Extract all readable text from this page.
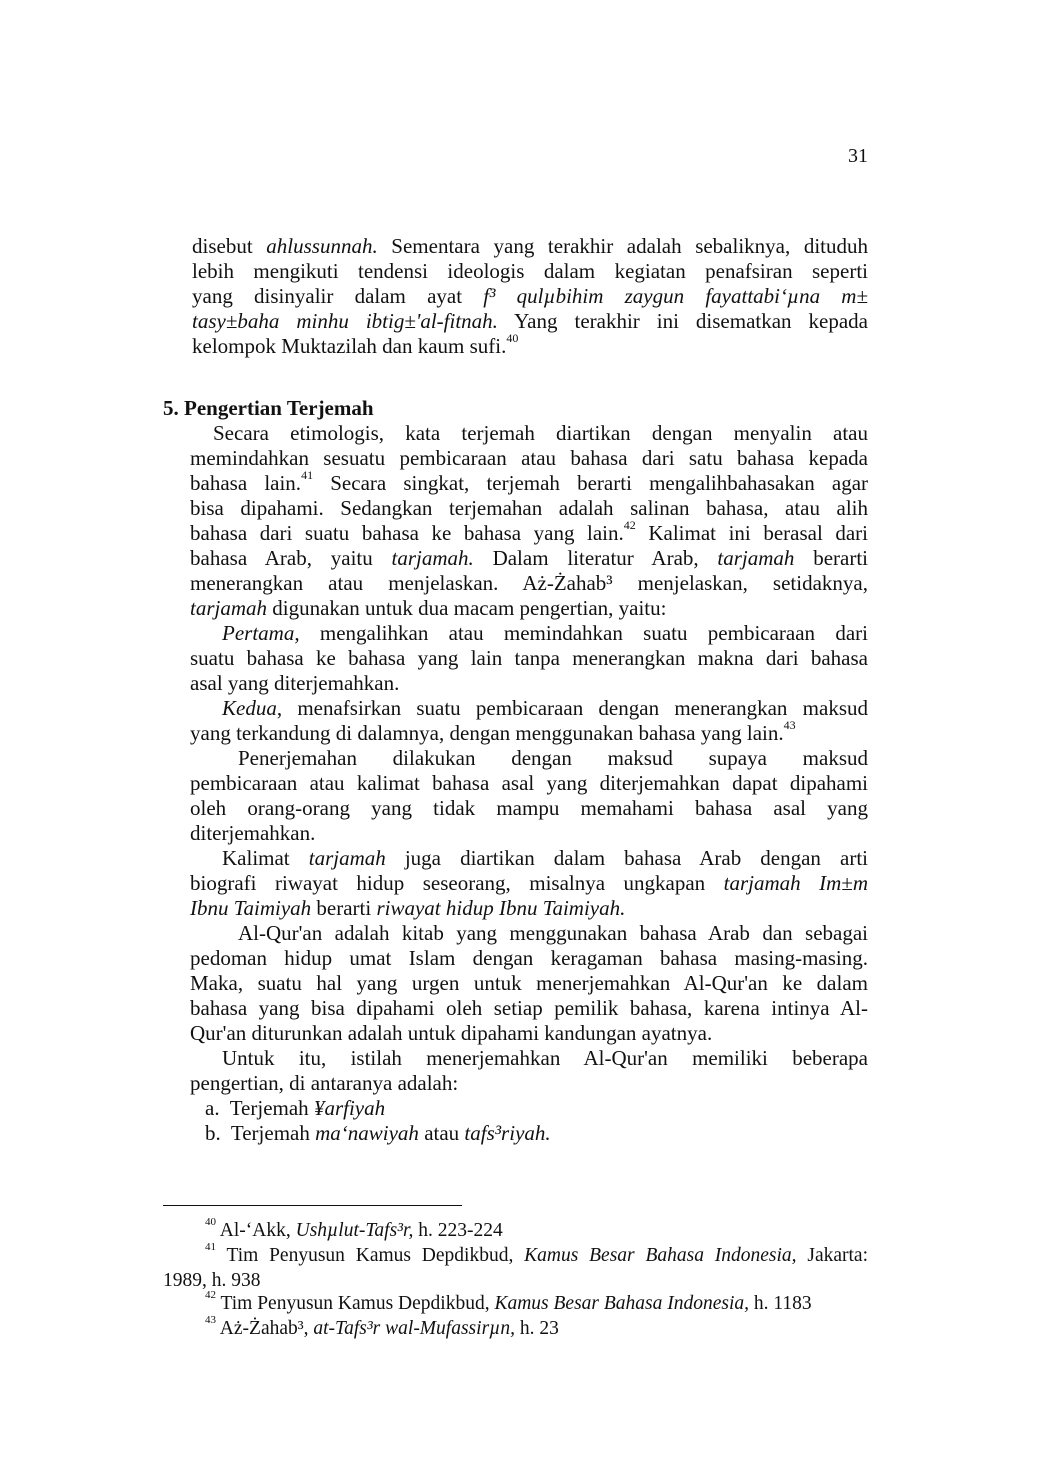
31
disebut ahlussunnah. Sementara yang terakhir adalah sebaliknya, dituduh
lebih mengikuti tendensi ideologis dalam kegiatan penafsiran seperti
yang disinyalir dalam ayat f³ qulµbihim zaygun fayattabi‘µna m±
tasy±baha minhu ibtig±'al-fitnah. Yang terakhir ini disematkan kepada
kelompok Muktazilah dan kaum sufi.$^{40}$
5. Pengertian Terjemah
Secara etimologis, kata terjemah diartikan dengan menyalin atau
memindahkan sesuatu pembicaraan atau bahasa dari satu bahasa kepada
bahasa lain.$^{41}$ Secara singkat, terjemah berarti mengalihbahasakan agar
bisa dipahami. Sedangkan terjemahan adalah salinan bahasa, atau alih
bahasa dari suatu bahasa ke bahasa yang lain.$^{42}$ Kalimat ini berasal dari
bahasa Arab, yaitu tarjamah. Dalam literatur Arab, tarjamah berarti
menerangkan atau menjelaskan. Aż-Żahab³ menjelaskan, setidaknya,
tarjamah digunakan untuk dua macam pengertian, yaitu:
Pertama, mengalihkan atau memindahkan suatu pembicaraan dari
suatu bahasa ke bahasa yang lain tanpa menerangkan makna dari bahasa
asal yang diterjemahkan.
Kedua, menafsirkan suatu pembicaraan dengan menerangkan maksud
yang terkandung di dalamnya, dengan menggunakan bahasa yang lain.$^{43}$
Penerjemahan dilakukan dengan maksud supaya maksud
pembicaraan atau kalimat bahasa asal yang diterjemahkan dapat dipahami
oleh orang-orang yang tidak mampu memahami bahasa asal yang
diterjemahkan.
Kalimat tarjamah juga diartikan dalam bahasa Arab dengan arti
biografi riwayat hidup seseorang, misalnya ungkapan tarjamah Im±m
Ibnu Taimiyah berarti riwayat hidup Ibnu Taimiyah.
Al-Qur'an adalah kitab yang menggunakan bahasa Arab dan sebagai
pedoman hidup umat Islam dengan keragaman bahasa masing-masing.
Maka, suatu hal yang urgen untuk menerjemahkan Al-Qur'an ke dalam
bahasa yang bisa dipahami oleh setiap pemilik bahasa, karena intinya Al-
Qur'an diturunkan adalah untuk dipahami kandungan ayatnya.
Untuk itu, istilah menerjemahkan Al-Qur'an memiliki beberapa
pengertian, di antaranya adalah:
a.  Terjemah ¥arfiyah
b.  Terjemah ma‘nawiyah atau tafs³riyah.
$^{40}$ Al-‘Akk, Ushµlut-Tafs³r, h. 223-224
$^{41}$ Tim Penyusun Kamus Depdikbud, Kamus Besar Bahasa Indonesia, Jakarta:
1989, h. 938
$^{42}$ Tim Penyusun Kamus Depdikbud, Kamus Besar Bahasa Indonesia, h. 1183
$^{43}$ Aż-Żahab³, at-Tafs³r wal-Mufassirµn, h. 23
